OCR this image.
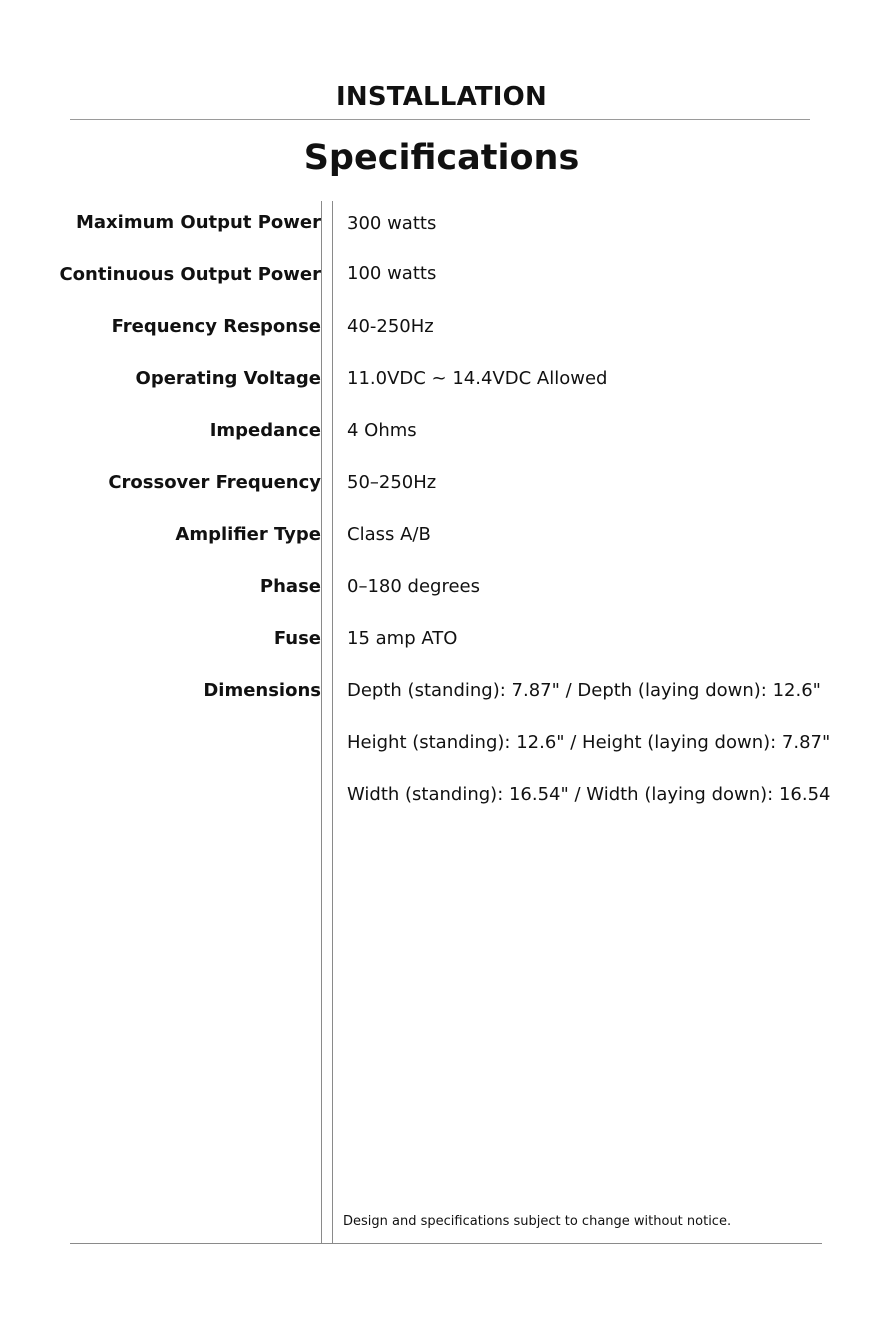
INSTALLATION
Specifications
Maximum Output Power
Continuous Output Power
Frequency Response
Operating Voltage
Impedance
Crossover Frequency
Amplifier Type
Phase
Fuse
Dimensions
300 watts
100 watts
40-250Hz
11.0VDC ~ 14.4VDC Allowed
4 Ohms
50–250Hz
Class A/B
0–180 degrees
15 amp ATO
Depth (standing): 7.87" / Depth (laying down): 12.6"
Height (standing): 12.6" / Height (laying down): 7.87"
Width (standing): 16.54" / Width (laying down): 16.54
Design and specifications subject to change without notice.
